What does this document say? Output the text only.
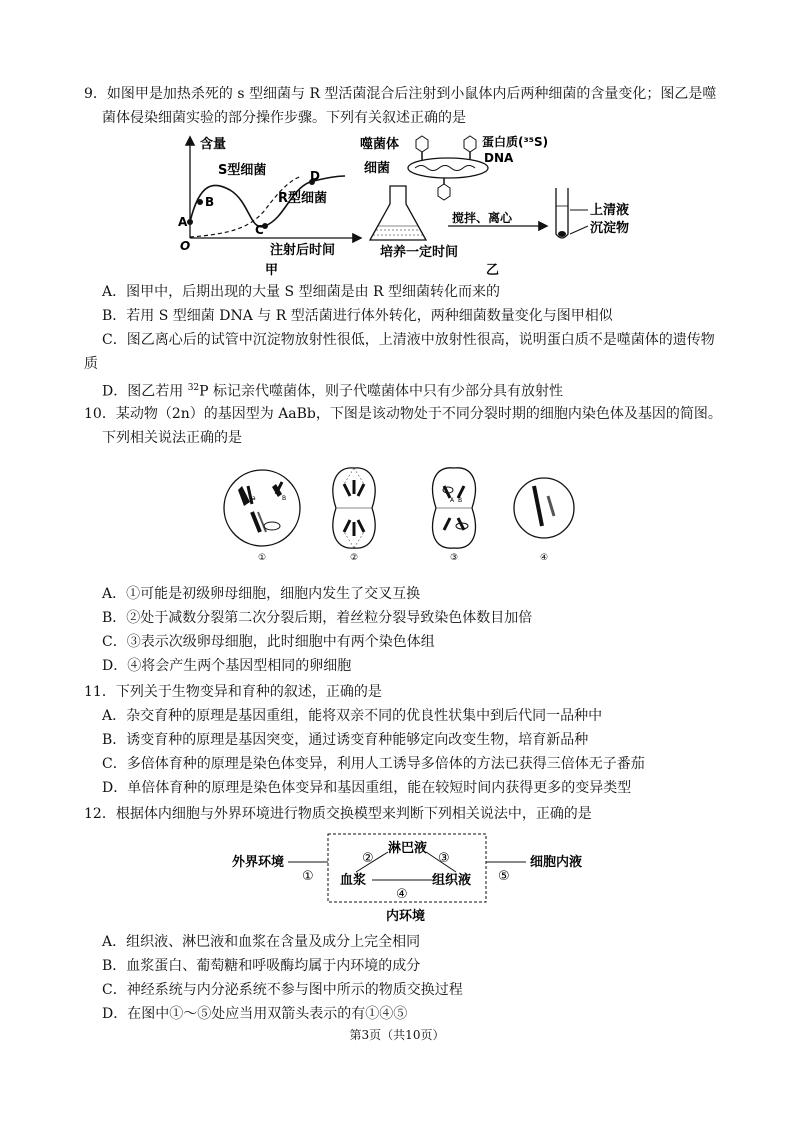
9．如图甲是加热杀死的 s 型细菌与 R 型活菌混合后注射到小鼠体内后两种细菌的含量变化；图乙是噬
菌体侵染细菌实验的部分操作步骤。下列有关叙述正确的是
含量
O
A
B
C
D
S型细菌
R型细菌
注射后时间
甲
噬菌体	蛋白质(³⁵S)
DNA
细菌
培养一定时间
搅拌、离心	上清液
沉淀物
乙
A．图甲中，后期出现的大量 S 型细菌是由 R 型细菌转化而来的
B．若用 S 型细菌 DNA 与 R 型活菌进行体外转化，两种细菌数量变化与图甲相似
C．图乙离心后的试管中沉淀物放射性很低，上清液中放射性很高，说明蛋白质不是噬菌体的遗传物
质
D．图乙若用 $^{32}$P 标记亲代噬菌体，则子代噬菌体中只有少部分具有放射性
10．某动物（2n）的基因型为 AaBb，下图是该动物处于不同分裂时期的细胞内染色体及基因的简图。
下列相关说法正确的是
a	B	A B
①	②	③	④
A．①可能是初级卵母细胞，细胞内发生了交叉互换
B．②处于减数分裂第二次分裂后期，着丝粒分裂导致染色体数目加倍
C．③表示次级卵母细胞，此时细胞中有两个染色体组
D．④将会产生两个基因型相同的卵细胞
11．下列关于生物变异和育种的叙述，正确的是
A．杂交育种的原理是基因重组，能将双亲不同的优良性状集中到后代同一品种中
B．诱变育种的原理是基因突变，通过诱变育种能够定向改变生物，培育新品种
C．多倍体育种的原理是染色体变异，利用人工诱导多倍体的方法已获得三倍体无子番茄
D．单倍体育种的原理是染色体变异和基因重组，能在较短时间内获得更多的变异类型
12．根据体内细胞与外界环境进行物质交换模型来判断下列相关说法中，正确的是
外界环境
①
淋巴液
②	③
血浆
④
组织液 ⑤
细胞内液
内环境
A．组织液、淋巴液和血浆在含量及成分上完全相同
B．血浆蛋白、葡萄糖和呼吸酶均属于内环境的成分
C．神经系统与内分泌系统不参与图中所示的物质交换过程
D．在图中①～⑤处应当用双箭头表示的有①④⑤
第3页（共10页）
